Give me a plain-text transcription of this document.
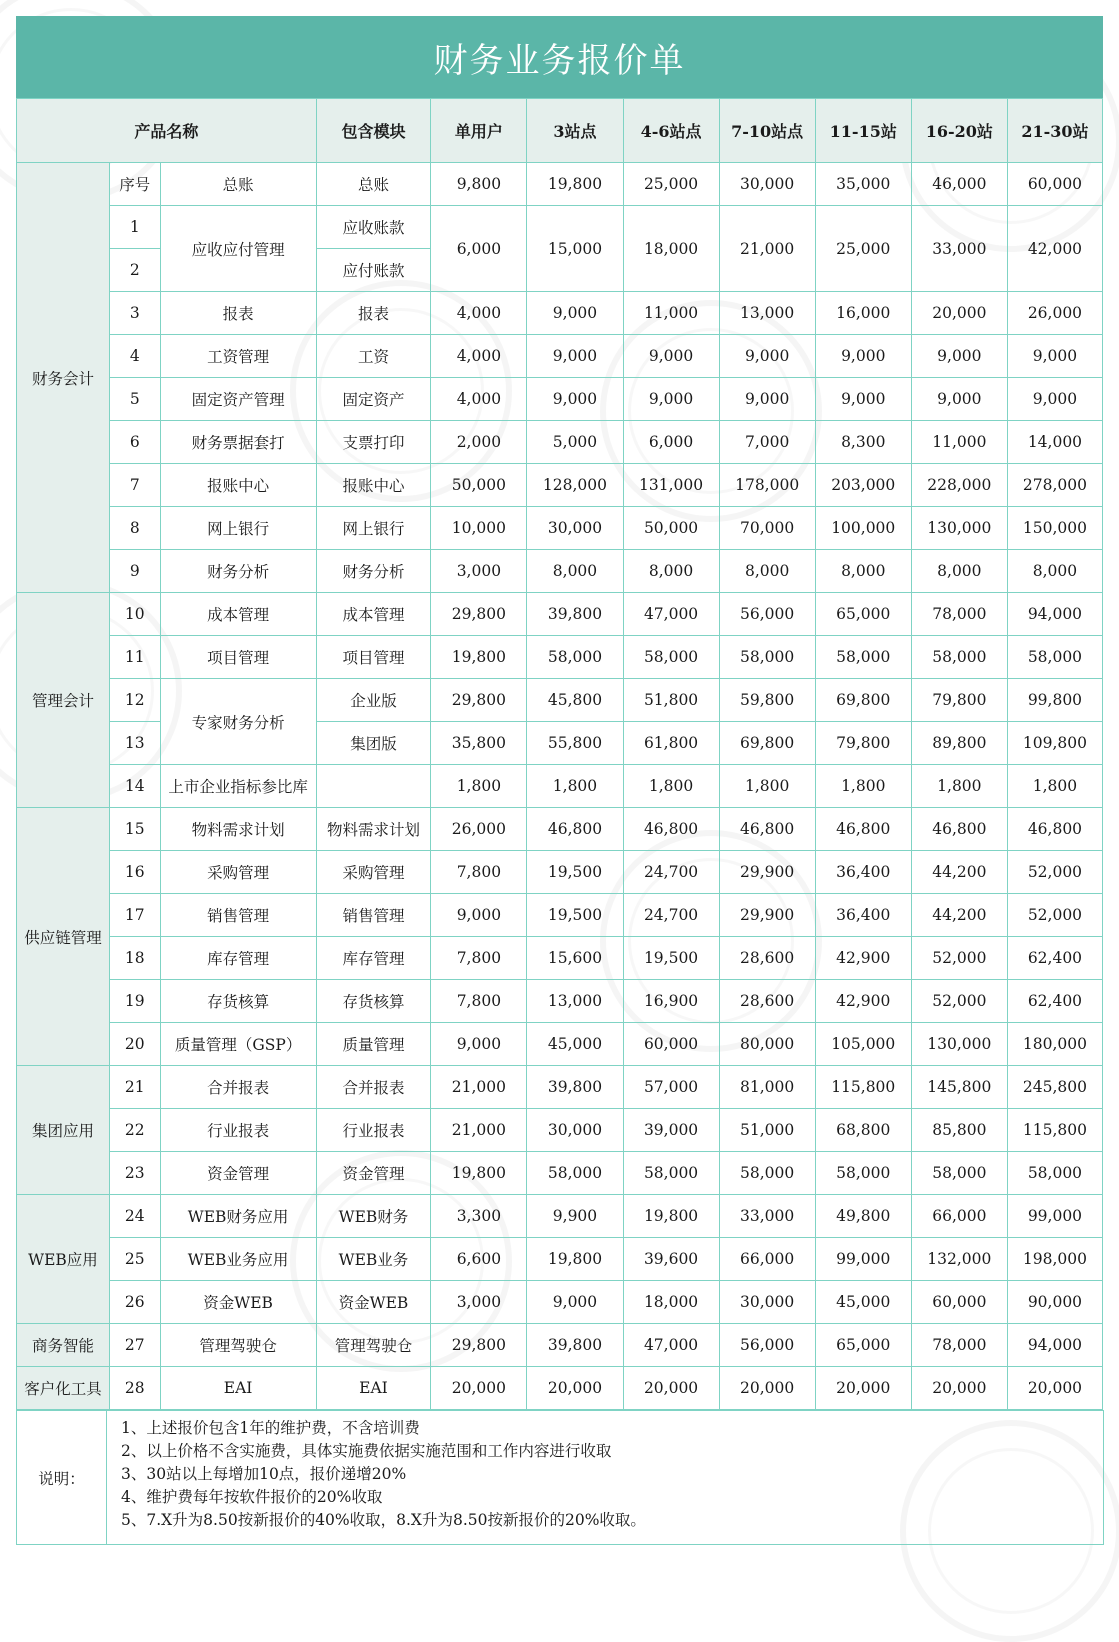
财务业务报价单
产品名称			包含模块	单用户	3站点	4-6站点	7-10站点	11-15站	16-20站	21-30站
财务会计	序号	总账	总账	9,800	19,800	25,000	30,000	35,000	46,000	60,000
	1	应收应付管理	应收账款	6,000	15,000	18,000	21,000	25,000	33,000	42,000
	2		应付账款							
	3	报表	报表	4,000	9,000	11,000	13,000	16,000	20,000	26,000
	4	工资管理	工资	4,000	9,000	9,000	9,000	9,000	9,000	9,000
	5	固定资产管理	固定资产	4,000	9,000	9,000	9,000	9,000	9,000	9,000
	6	财务票据套打	支票打印	2,000	5,000	6,000	7,000	8,300	11,000	14,000
	7	报账中心	报账中心	50,000	128,000	131,000	178,000	203,000	228,000	278,000
	8	网上银行	网上银行	10,000	30,000	50,000	70,000	100,000	130,000	150,000
	9	财务分析	财务分析	3,000	8,000	8,000	8,000	8,000	8,000	8,000
管理会计	10	成本管理	成本管理	29,800	39,800	47,000	56,000	65,000	78,000	94,000
	11	项目管理	项目管理	19,800	58,000	58,000	58,000	58,000	58,000	58,000
	12	专家财务分析	企业版	29,800	45,800	51,800	59,800	69,800	79,800	99,800
	13		集团版	35,800	55,800	61,800	69,800	79,800	89,800	109,800
	14	上市企业指标参比库		1,800	1,800	1,800	1,800	1,800	1,800	1,800
供应链管理	15	物料需求计划	物料需求计划	26,000	46,800	46,800	46,800	46,800	46,800	46,800
	16	采购管理	采购管理	7,800	19,500	24,700	29,900	36,400	44,200	52,000
	17	销售管理	销售管理	9,000	19,500	24,700	29,900	36,400	44,200	52,000
	18	库存管理	库存管理	7,800	15,600	19,500	28,600	42,900	52,000	62,400
	19	存货核算	存货核算	7,800	13,000	16,900	28,600	42,900	52,000	62,400
	20	质量管理（GSP）	质量管理	9,000	45,000	60,000	80,000	105,000	130,000	180,000
集团应用	21	合并报表	合并报表	21,000	39,800	57,000	81,000	115,800	145,800	245,800
	22	行业报表	行业报表	21,000	30,000	39,000	51,000	68,800	85,800	115,800
	23	资金管理	资金管理	19,800	58,000	58,000	58,000	58,000	58,000	58,000
WEB应用	24	WEB财务应用	WEB财务	3,300	9,900	19,800	33,000	49,800	66,000	99,000
	25	WEB业务应用	WEB业务	6,600	19,800	39,600	66,000	99,000	132,000	198,000
	26	资金WEB	资金WEB	3,000	9,000	18,000	30,000	45,000	60,000	90,000
商务智能	27	管理驾驶仓	管理驾驶仓	29,800	39,800	47,000	56,000	65,000	78,000	94,000
客户化工具	28	EAI	EAI	20,000	20,000	20,000	20,000	20,000	20,000	20,000
说明：	
1、上述报价包含1年的维护费，不含培训费
2、以上价格不含实施费，具体实施费依据实施范围和工作内容进行收取
3、30站以上每增加10点，报价递增20%
4、维护费每年按软件报价的20%收取
5、7.X升为8.50按新报价的40%收取，8.X升为8.50按新报价的20%收取。
